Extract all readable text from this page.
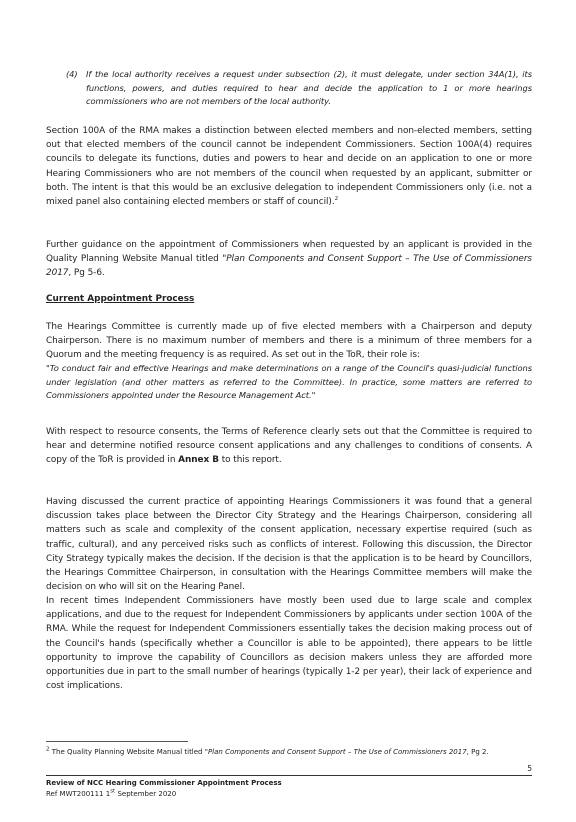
(4)	If the local authority receives a request under subsection (2), it must delegate, under section 34A(1), its functions, powers, and duties required to hear and decide the application to 1 or more hearings commissioners who are not members of the local authority.

Section 100A of the RMA makes a distinction between elected members and non-elected members, setting out that elected members of the council cannot be independent Commissioners. Section 100A(4) requires councils to delegate its functions, duties and powers to hear and decide on an application to one or more Hearing Commissioners who are not members of the council when requested by an applicant, submitter or both. The intent is that this would be an exclusive delegation to independent Commissioners only (i.e. not a mixed panel also containing elected members or staff of council).$^2$

Further guidance on the appointment of Commissioners when requested by an applicant is provided in the Quality Planning Website Manual titled "Plan Components and Consent Support – The Use of Commissioners 2017, Pg 5-6.

Current Appointment Process

The Hearings Committee is currently made up of five elected members with a Chairperson and deputy Chairperson. There is no maximum number of members and there is a minimum of three members for a Quorum and the meeting frequency is as required. As set out in the ToR, their role is:

"To conduct fair and effective Hearings and make determinations on a range of the Council's quasi-judicial functions under legislation (and other matters as referred to the Committee). In practice, some matters are referred to Commissioners appointed under the Resource Management Act."

With respect to resource consents, the Terms of Reference clearly sets out that the Committee is required to hear and determine notified resource consent applications and any challenges to conditions of consents. A copy of the ToR is provided in Annex B to this report.

Having discussed the current practice of appointing Hearings Commissioners it was found that a general discussion takes place between the Director City Strategy and the Hearings Chairperson, considering all matters such as scale and complexity of the consent application, necessary expertise required (such as traffic, cultural), and any perceived risks such as conflicts of interest. Following this discussion, the Director City Strategy typically makes the decision. If the decision is that the application is to be heard by Councillors, the Hearings Committee Chairperson, in consultation with the Hearings Committee members will make the decision on who will sit on the Hearing Panel.

In recent times Independent Commissioners have mostly been used due to large scale and complex applications, and due to the request for Independent Commissioners by applicants under section 100A of the RMA. While the request for Independent Commissioners essentially takes the decision making process out of the Council's hands (specifically whether a Councillor is able to be appointed), there appears to be little opportunity to improve the capability of Councillors as decision makers unless they are afforded more opportunities due in part to the small number of hearings (typically 1-2 per year), their lack of experience and cost implications.

$^2$ The Quality Planning Website Manual titled "Plan Components and Consent Support – The Use of Commissioners 2017, Pg 2.
5
Review of NCC Hearing Commissioner Appointment Process
Ref MWT200111 1st September 2020
